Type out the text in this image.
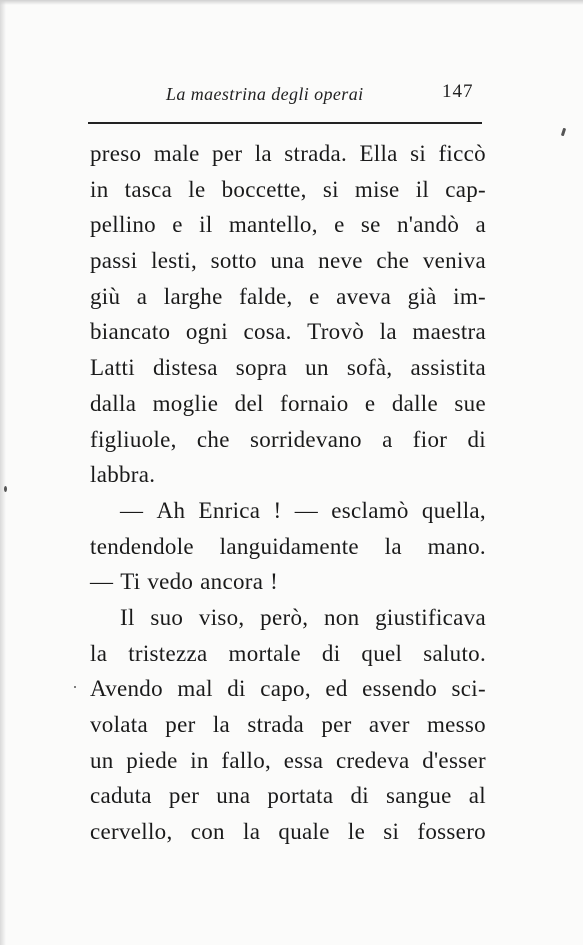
La maestrina degli operai	147
preso male per la strada. Ella si ficcò
in tasca le boccette, si mise il cap-
pellino e il mantello, e se n'andò a
passi lesti, sotto una neve che veniva
giù a larghe falde, e aveva già im-
biancato ogni cosa. Trovò la maestra
Latti distesa sopra un sofà, assistita
dalla moglie del fornaio e dalle sue
figliuole, che sorridevano a fior di
labbra.
— Ah Enrica ! — esclamò quella,
tendendole languidamente la mano.
— Ti vedo ancora !
Il suo viso, però, non giustificava
la tristezza mortale di quel saluto.
Avendo mal di capo, ed essendo sci-
volata per la strada per aver messo
un piede in fallo, essa credeva d'esser
caduta per una portata di sangue al
cervello, con la quale le si fossero
